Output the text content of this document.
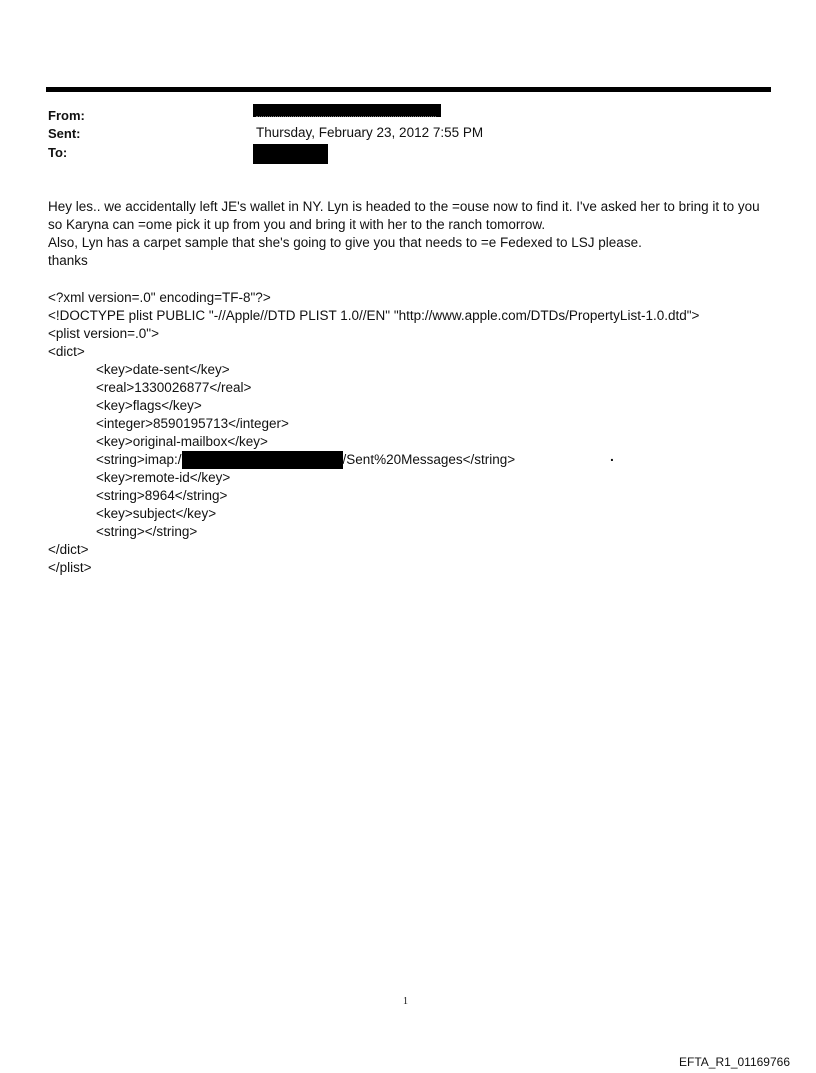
From:
Sent:	Thursday, February 23, 2012 7:55 PM
To:
Hey les.. we accidentally left JE's wallet in NY. Lyn is headed to the =ouse now to find it. I've asked her to bring it to you
so Karyna can =ome pick it up from you and bring it with her to the ranch tomorrow.
Also, Lyn has a carpet sample that she's going to give you that needs to =e Fedexed to LSJ please.
thanks
<?xml version=.0" encoding=TF-8"?>
<!DOCTYPE plist PUBLIC "-//Apple//DTD PLIST 1.0//EN" "http://www.apple.com/DTDs/PropertyList-1.0.dtd">
<plist version=.0">
<dict>
<key>date-sent</key>
<real>1330026877</real>
<key>flags</key>
<integer>8590195713</integer>
<key>original-mailbox</key>
<string>imap:/	/Sent%20Messages</string>
<key>remote-id</key>
<string>8964</string>
<key>subject</key>
<string></string>
</dict>
</plist>
.
1
EFTA_R1_01169766
